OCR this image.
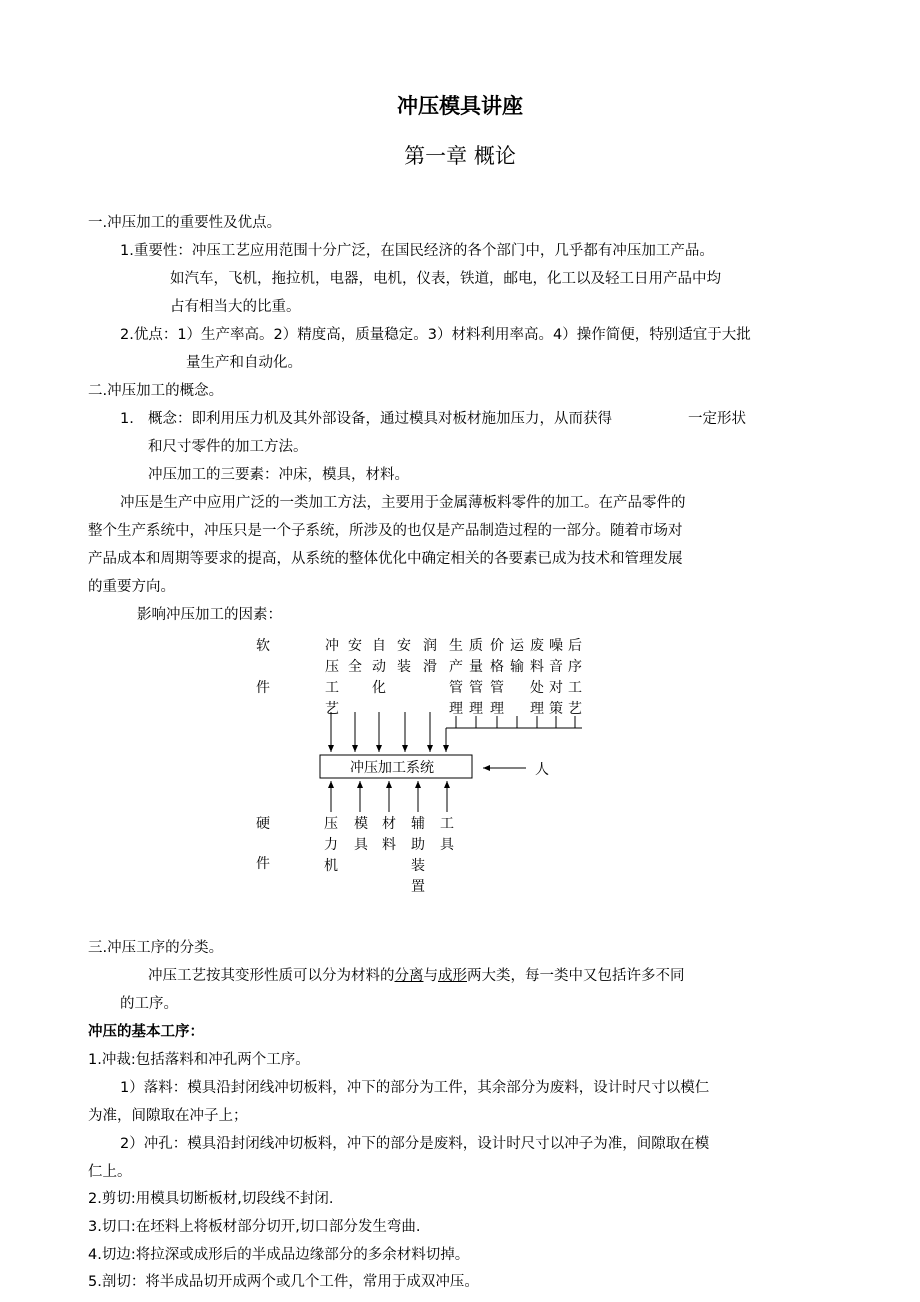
冲压模具讲座
第一章 概论
一.冲压加工的重要性及优点。
1.重要性：冲压工艺应用范围十分广泛，在国民经济的各个部门中，几乎都有冲压加工产品。
如汽车，飞机，拖拉机，电器，电机，仪表，铁道，邮电，化工以及轻工日用产品中均
占有相当大的比重。
2.优点：1）生产率高。2）精度高，质量稳定。3）材料利用率高。4）操作简便，特别适宜于大批
量生产和自动化。
二.冲压加工的概念。
1. 概念：即利用压力机及其外部设备，通过模具对板材施加压力，从而获得	一定形状
和尺寸零件的加工方法。
冲压加工的三要素：冲床，模具，材料。
冲压是生产中应用广泛的一类加工方法，主要用于金属薄板料零件的加工。在产品零件的
整个生产系统中，冲压只是一个子系统，所涉及的也仅是产品制造过程的一部分。随着市场对
产品成本和周期等要求的提高，从系统的整体优化中确定相关的各要素已成为技术和管理发展
的重要方向。
影响冲压加工的因素：
软
件
冲压工艺
安全
自动化
安装
润滑
生产管理
质量管理
价格管理
运输
废料处理
噪音对策
后序工艺
冲压加工系统	人
硬
件
压力机
模具
材料
辅助装置
工具
三.冲压工序的分类。
冲压工艺按其变形性质可以分为材料的分离与成形两大类，每一类中又包括许多不同
的工序。
冲压的基本工序：
1.冲裁:包括落料和冲孔两个工序。
1）落料：模具沿封闭线冲切板料，冲下的部分为工件，其余部分为废料，设计时尺寸以模仁
为准，间隙取在冲子上；
2）冲孔：模具沿封闭线冲切板料，冲下的部分是废料，设计时尺寸以冲子为准，间隙取在模
仁上。
2.剪切:用模具切断板材,切段线不封闭.
3.切口:在坯料上将板材部分切开,切口部分发生弯曲.
4.切边:将拉深或成形后的半成品边缘部分的多余材料切掉。
5.剖切：将半成品切开成两个或几个工件，常用于成双冲压。
